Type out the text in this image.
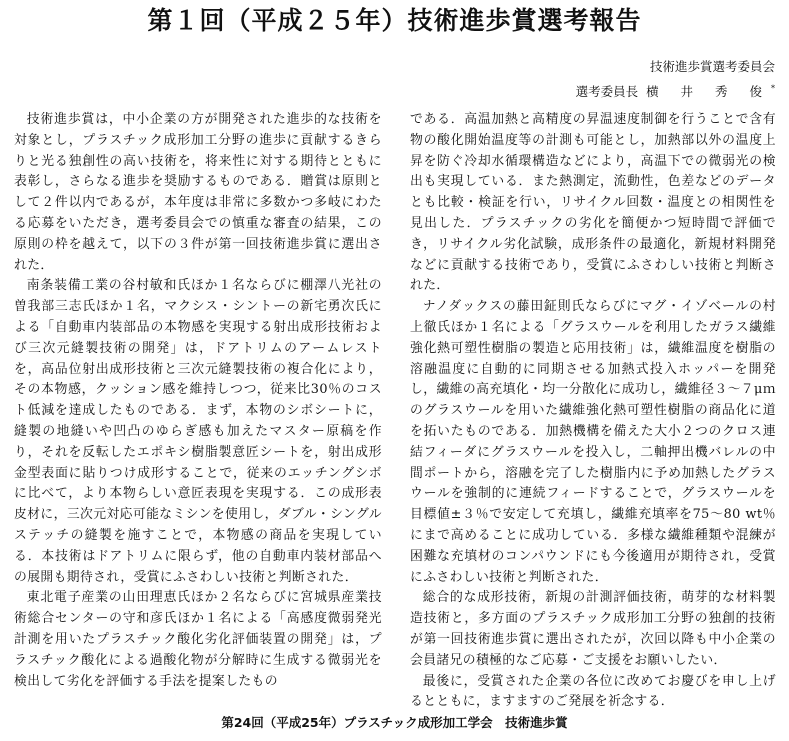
第１回（平成２５年）技術進歩賞選考報告
技術進歩賞選考委員会
選考委員長 横 井 秀 俊*

技術進歩賞は，中小企業の方が開発された進歩的な技術を対象とし，プラスチック成形加工分野の進歩に貢献するきらりと光る独創性の高い技術を，将来性に対する期待とともに表彰し，さらなる進歩を奨励するものである．贈賞は原則として２件以内であるが，本年度は非常に多数かつ多岐にわたる応募をいただき，選考委員会での慎重な審査の結果，この原則の枠を越えて，以下の３件が第一回技術進歩賞に選出された．

南条装備工業の谷村敏和氏ほか１名ならびに棚澤八光社の曽我部三志氏ほか１名，マクシス・シントーの新宅勇次氏による「自動車内装部品の本物感を実現する射出成形技術および三次元縫製技術の開発」は，ドアトリムのアームレストを，高品位射出成形技術と三次元縫製技術の複合化により，その本物感，クッション感を維持しつつ，従来比30％のコスト低減を達成したものである．まず，本物のシボシートに，縫製の地縫いや凹凸のゆらぎ感も加えたマスター原稿を作り，それを反転したエポキシ樹脂製意匠シートを，射出成形金型表面に貼りつけ成形することで，従来のエッチングシボに比べて，より本物らしい意匠表現を実現する．この成形表皮材に，三次元対応可能なミシンを使用し，ダブル・シングルステッチの縫製を施すことで，本物感の商品を実現している．本技術はドアトリムに限らず，他の自動車内装材部品への展開も期待され，受賞にふさわしい技術と判断された．

東北電子産業の山田理恵氏ほか２名ならびに宮城県産業技術総合センターの守和彦氏ほか１名による「高感度微弱発光計測を用いたプラスチック酸化劣化評価装置の開発」は，プラスチック酸化による過酸化物が分解時に生成する微弱光を検出して劣化を評価する手法を提案したもの

である．高温加熱と高精度の昇温速度制御を行うことで含有物の酸化開始温度等の計測も可能とし，加熱部以外の温度上昇を防ぐ冷却水循環構造などにより，高温下での微弱光の検出も実現している．また熱測定，流動性，色差などのデータとも比較・検証を行い，リサイクル回数・温度との相関性を見出した．プラスチックの劣化を簡便かつ短時間で評価でき，リサイクル劣化試験，成形条件の最適化，新規材料開発などに貢献する技術であり，受賞にふさわしい技術と判断された．

ナノダックスの藤田鉦則氏ならびにマグ・イゾベールの村上徹氏ほか１名による「グラスウールを利用したガラス繊維強化熱可塑性樹脂の製造と応用技術」は，繊維温度を樹脂の溶融温度に自動的に同期させる加熱式投入ホッパーを開発し，繊維の高充填化・均一分散化に成功し，繊維径３～７μｍのグラスウールを用いた繊維強化熱可塑性樹脂の商品化に道を拓いたものである．加熱機構を備えた大小２つのクロス連結フィーダにグラスウールを投入し，二軸押出機バレルの中間ポートから，溶融を完了した樹脂内に予め加熱したグラスウールを強制的に連続フィードすることで，グラスウールを目標値±３％で安定して充填し，繊維充填率を75～80 wt％にまで高めることに成功している．多様な繊維種類や混練が困難な充填材のコンパウンドにも今後適用が期待され，受賞にふさわしい技術と判断された．

総合的な成形技術，新規の計測評価技術，萌芽的な材料製造技術と，多方面のプラスチック成形加工分野の独創的技術が第一回技術進歩賞に選出されたが，次回以降も中小企業の会員諸兄の積極的なご応募・ご支援をお願いしたい．

最後に，受賞された企業の各位に改めてお慶びを申し上げるとともに，ますますのご発展を祈念する．

第24回（平成25年）プラスチック成形加工学会　技術進歩賞
